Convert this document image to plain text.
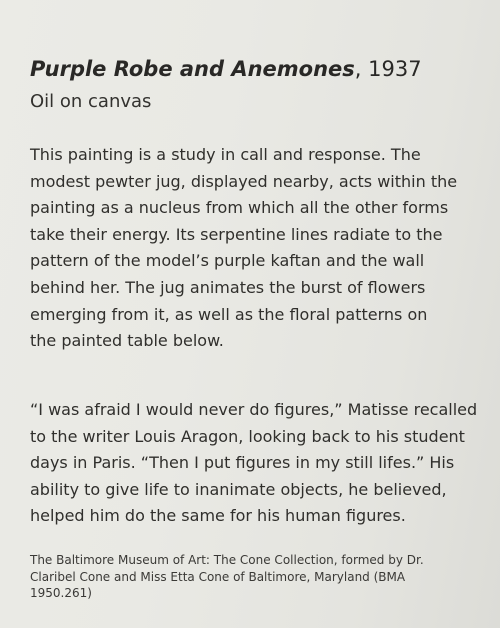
Purple Robe and Anemones, 1937
Oil on canvas
This painting is a study in call and response. The
modest pewter jug, displayed nearby, acts within the
painting as a nucleus from which all the other forms
take their energy. Its serpentine lines radiate to the
pattern of the model’s purple kaftan and the wall
behind her. The jug animates the burst of flowers
emerging from it, as well as the floral patterns on
the painted table below.
“I was afraid I would never do figures,” Matisse recalled
to the writer Louis Aragon, looking back to his student
days in Paris. “Then I put figures in my still lifes.” His
ability to give life to inanimate objects, he believed,
helped him do the same for his human figures.
The Baltimore Museum of Art: The Cone Collection, formed by Dr.
Claribel Cone and Miss Etta Cone of Baltimore, Maryland (BMA
1950.261)
